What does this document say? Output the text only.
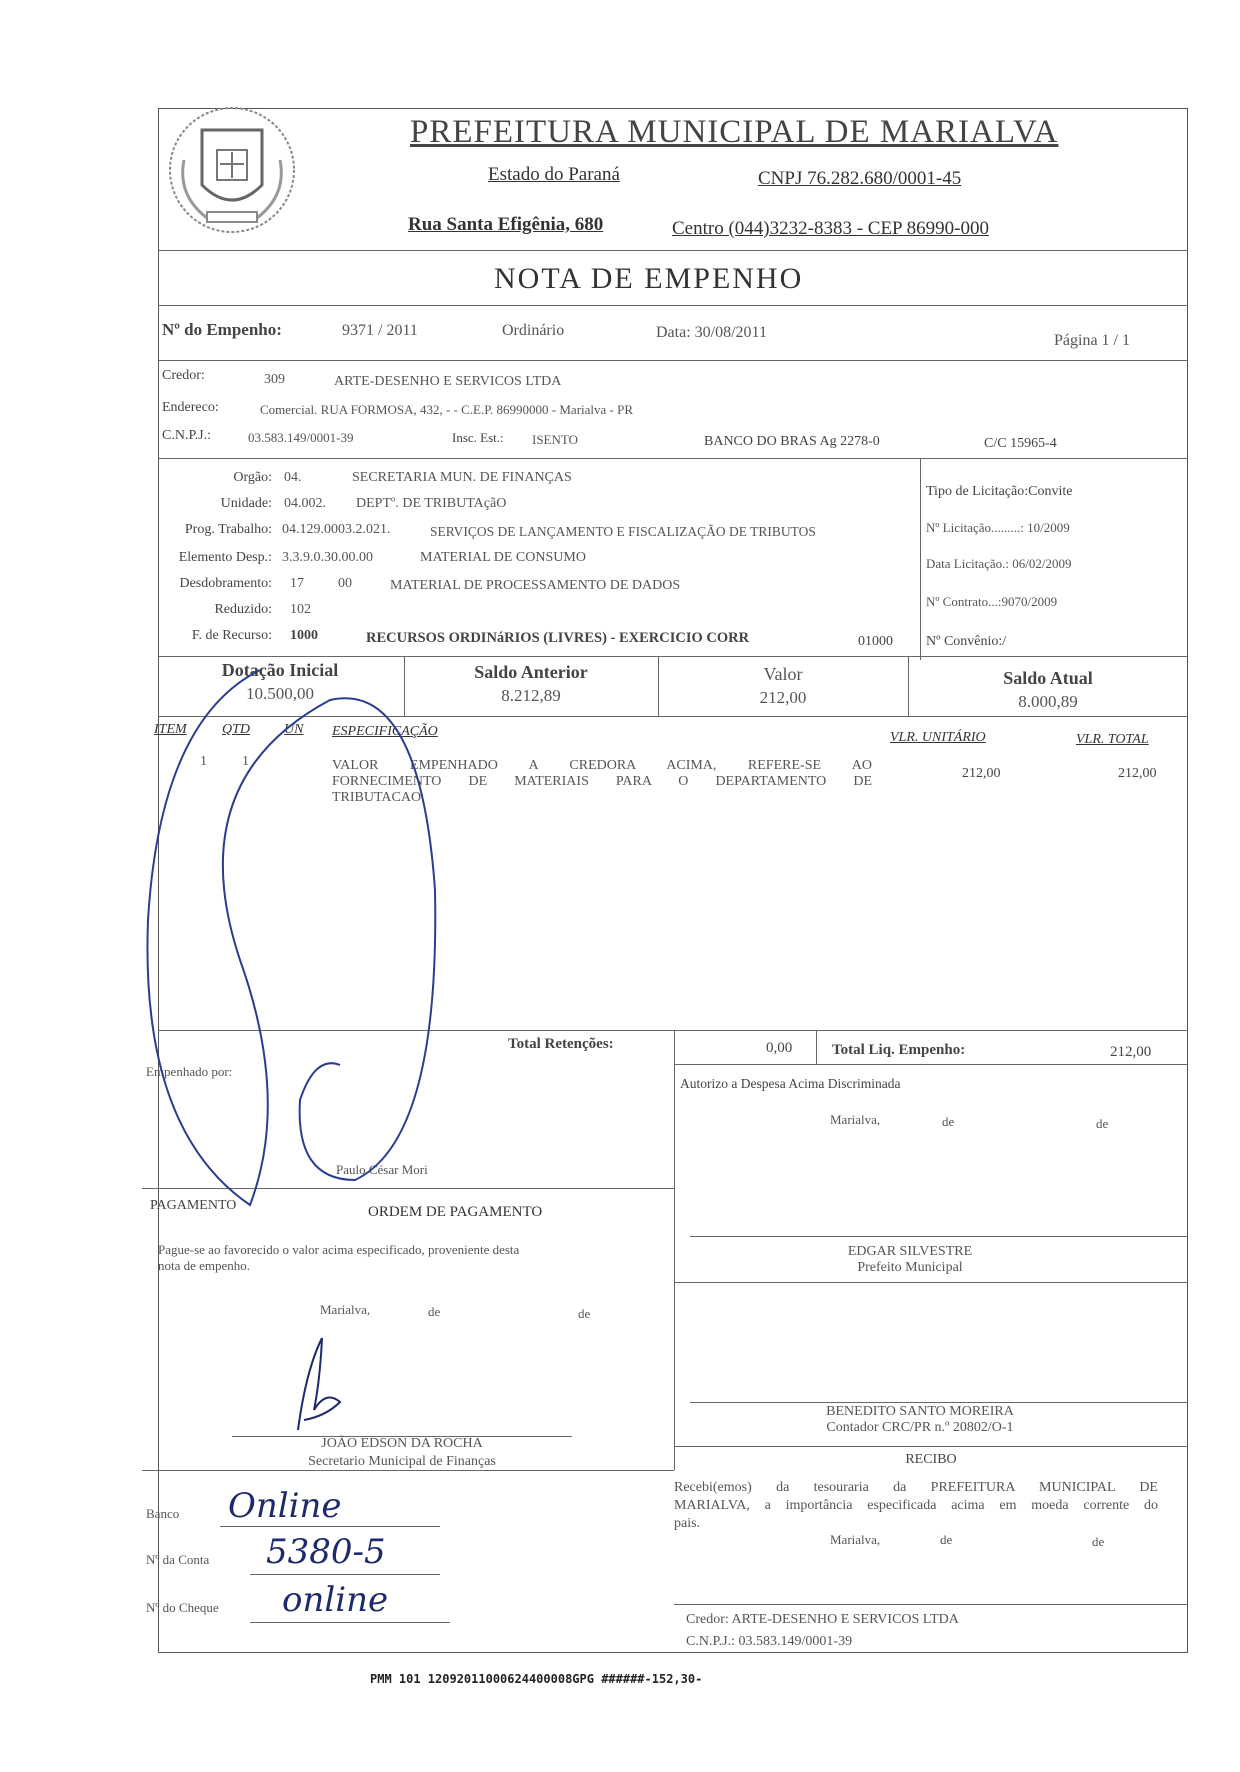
PREFEITURA MUNICIPAL DE MARIALVA
Estado do Paraná	CNPJ 76.282.680/0001-45
Rua Santa Efigênia, 680	Centro (044)3232-8383 - CEP 86990-000
NOTA DE EMPENHO
Nº do Empenho:	9371 / 2011	Ordinário	Data: 30/08/2011	Página 1 / 1
Credor:	309	ARTE-DESENHO E SERVICOS LTDA
Endereco:	Comercial. RUA FORMOSA, 432, - - C.E.P. 86990000 - Marialva - PR
C.N.P.J.:	03.583.149/0001-39	Insc. Est.: ISENTO	BANCO DO BRAS Ag 2278-0	C/C 15965-4
Orgão: 04.	SECRETARIA MUN. DE FINANÇAS
Unidade: 04.002. DEPTº. DE TRIBUTAçãO
Prog. Trabalho: 04.129.0003.2.021.	SERVIÇOS DE LANÇAMENTO E FISCALIZAÇÃO DE TRIBUTOS
Elemento Desp.: 3.3.9.0.30.00.00	MATERIAL DE CONSUMO
Desdobramento: 17 00	MATERIAL DE PROCESSAMENTO DE DADOS
Reduzido: 102
F. de Recurso: 1000	RECURSOS ORDINáRIOS (LIVRES) - EXERCICIO CORR	01000
Tipo de Licitação:Convite
Nº Licitação.........: 10/2009
Data Licitação.: 06/02/2009
Nº Contrato...:9070/2009
Nº Convênio:/
Dotação Inicial
10.500,00
Saldo Anterior
8.212,89
Valor
212,00
Saldo Atual
8.000,89
ITEM	QTD UN ESPECIFICAÇÃO	VLR. UNITÁRIO	VLR. TOTAL
1	1	VALOR EMPENHADO A CREDORA ACIMA, REFERE-SE AO
FORNECIMENTO DE MATERIAIS PARA O DEPARTAMENTO DE
TRIBUTACAO.
212,00	212,00
Total Retenções:	0,00	Total Liq. Empenho:	212,00
Empenhado por:
Paulo César Mori
Autorizo a Despesa Acima Discriminada
Marialva,	de	de
PAGAMENTO	ORDEM DE PAGAMENTO
Pague-se ao favorecido o valor acima especificado, proveniente desta
nota de empenho.
Marialva,	de	de
EDGAR SILVESTRE
Prefeito Municipal
BENEDITO SANTO MOREIRA
Contador CRC/PR n.º 20802/O-1
JOÃO EDSON DA ROCHA
Secretario Municipal de Finanças	RECIBO
Recebi(emos) da tesouraria da PREFEITURA MUNICIPAL DE
MARIALVA, a importância especificada acima em moeda corrente do
pais.
Marialva,	de	de
Credor: ARTE-DESENHO E SERVICOS LTDA
C.N.P.J.: 03.583.149/0001-39
Banco Online
Nº da Conta 5380-5
Nº do Cheque online
PMM 101 12092011000624400008GPG ######-152,30-
